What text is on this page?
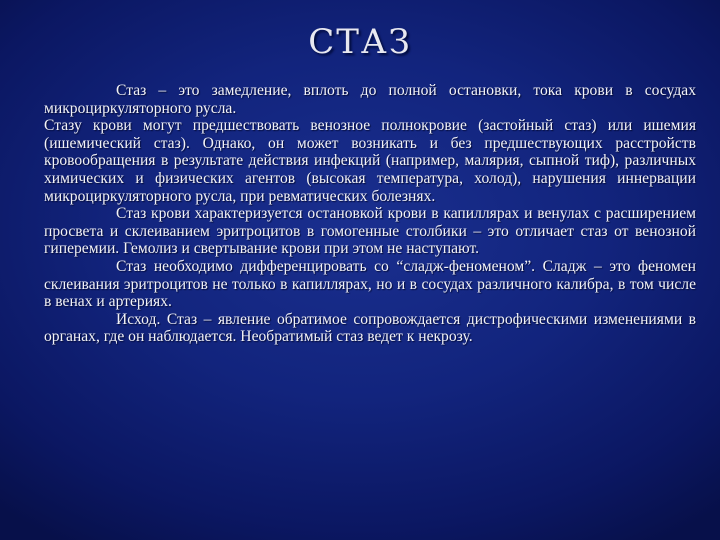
СТАЗ

Стаз – это замедление, вплоть до полной остановки, тока крови в сосудах микроциркуляторного русла.

Стазу крови могут предшествовать венозное полнокровие (застойный стаз) или ишемия (ишемический стаз). Однако, он может возникать и без предшествующих расстройств кровообращения в результате действия инфекций (например, малярия, сыпной тиф), различных химических и физических агентов (высокая температура, холод), нарушения иннервации микроциркуляторного русла, при ревматических болезнях.

Стаз крови характеризуется остановкой крови в капиллярах и венулах с расширением просвета и склеиванием эритроцитов в гомогенные столбики – это отличает стаз от венозной гиперемии. Гемолиз и свертывание крови при этом не наступают.

Стаз необходимо дифференцировать со “сладж-феноменом”. Сладж – это феномен склеивания эритроцитов не только в капиллярах, но и в сосудах различного калибра, в том числе в венах и артериях.

Исход. Стаз – явление обратимое сопровождается дистрофическими изменениями в органах, где он наблюдается. Необратимый стаз ведет к некрозу.
